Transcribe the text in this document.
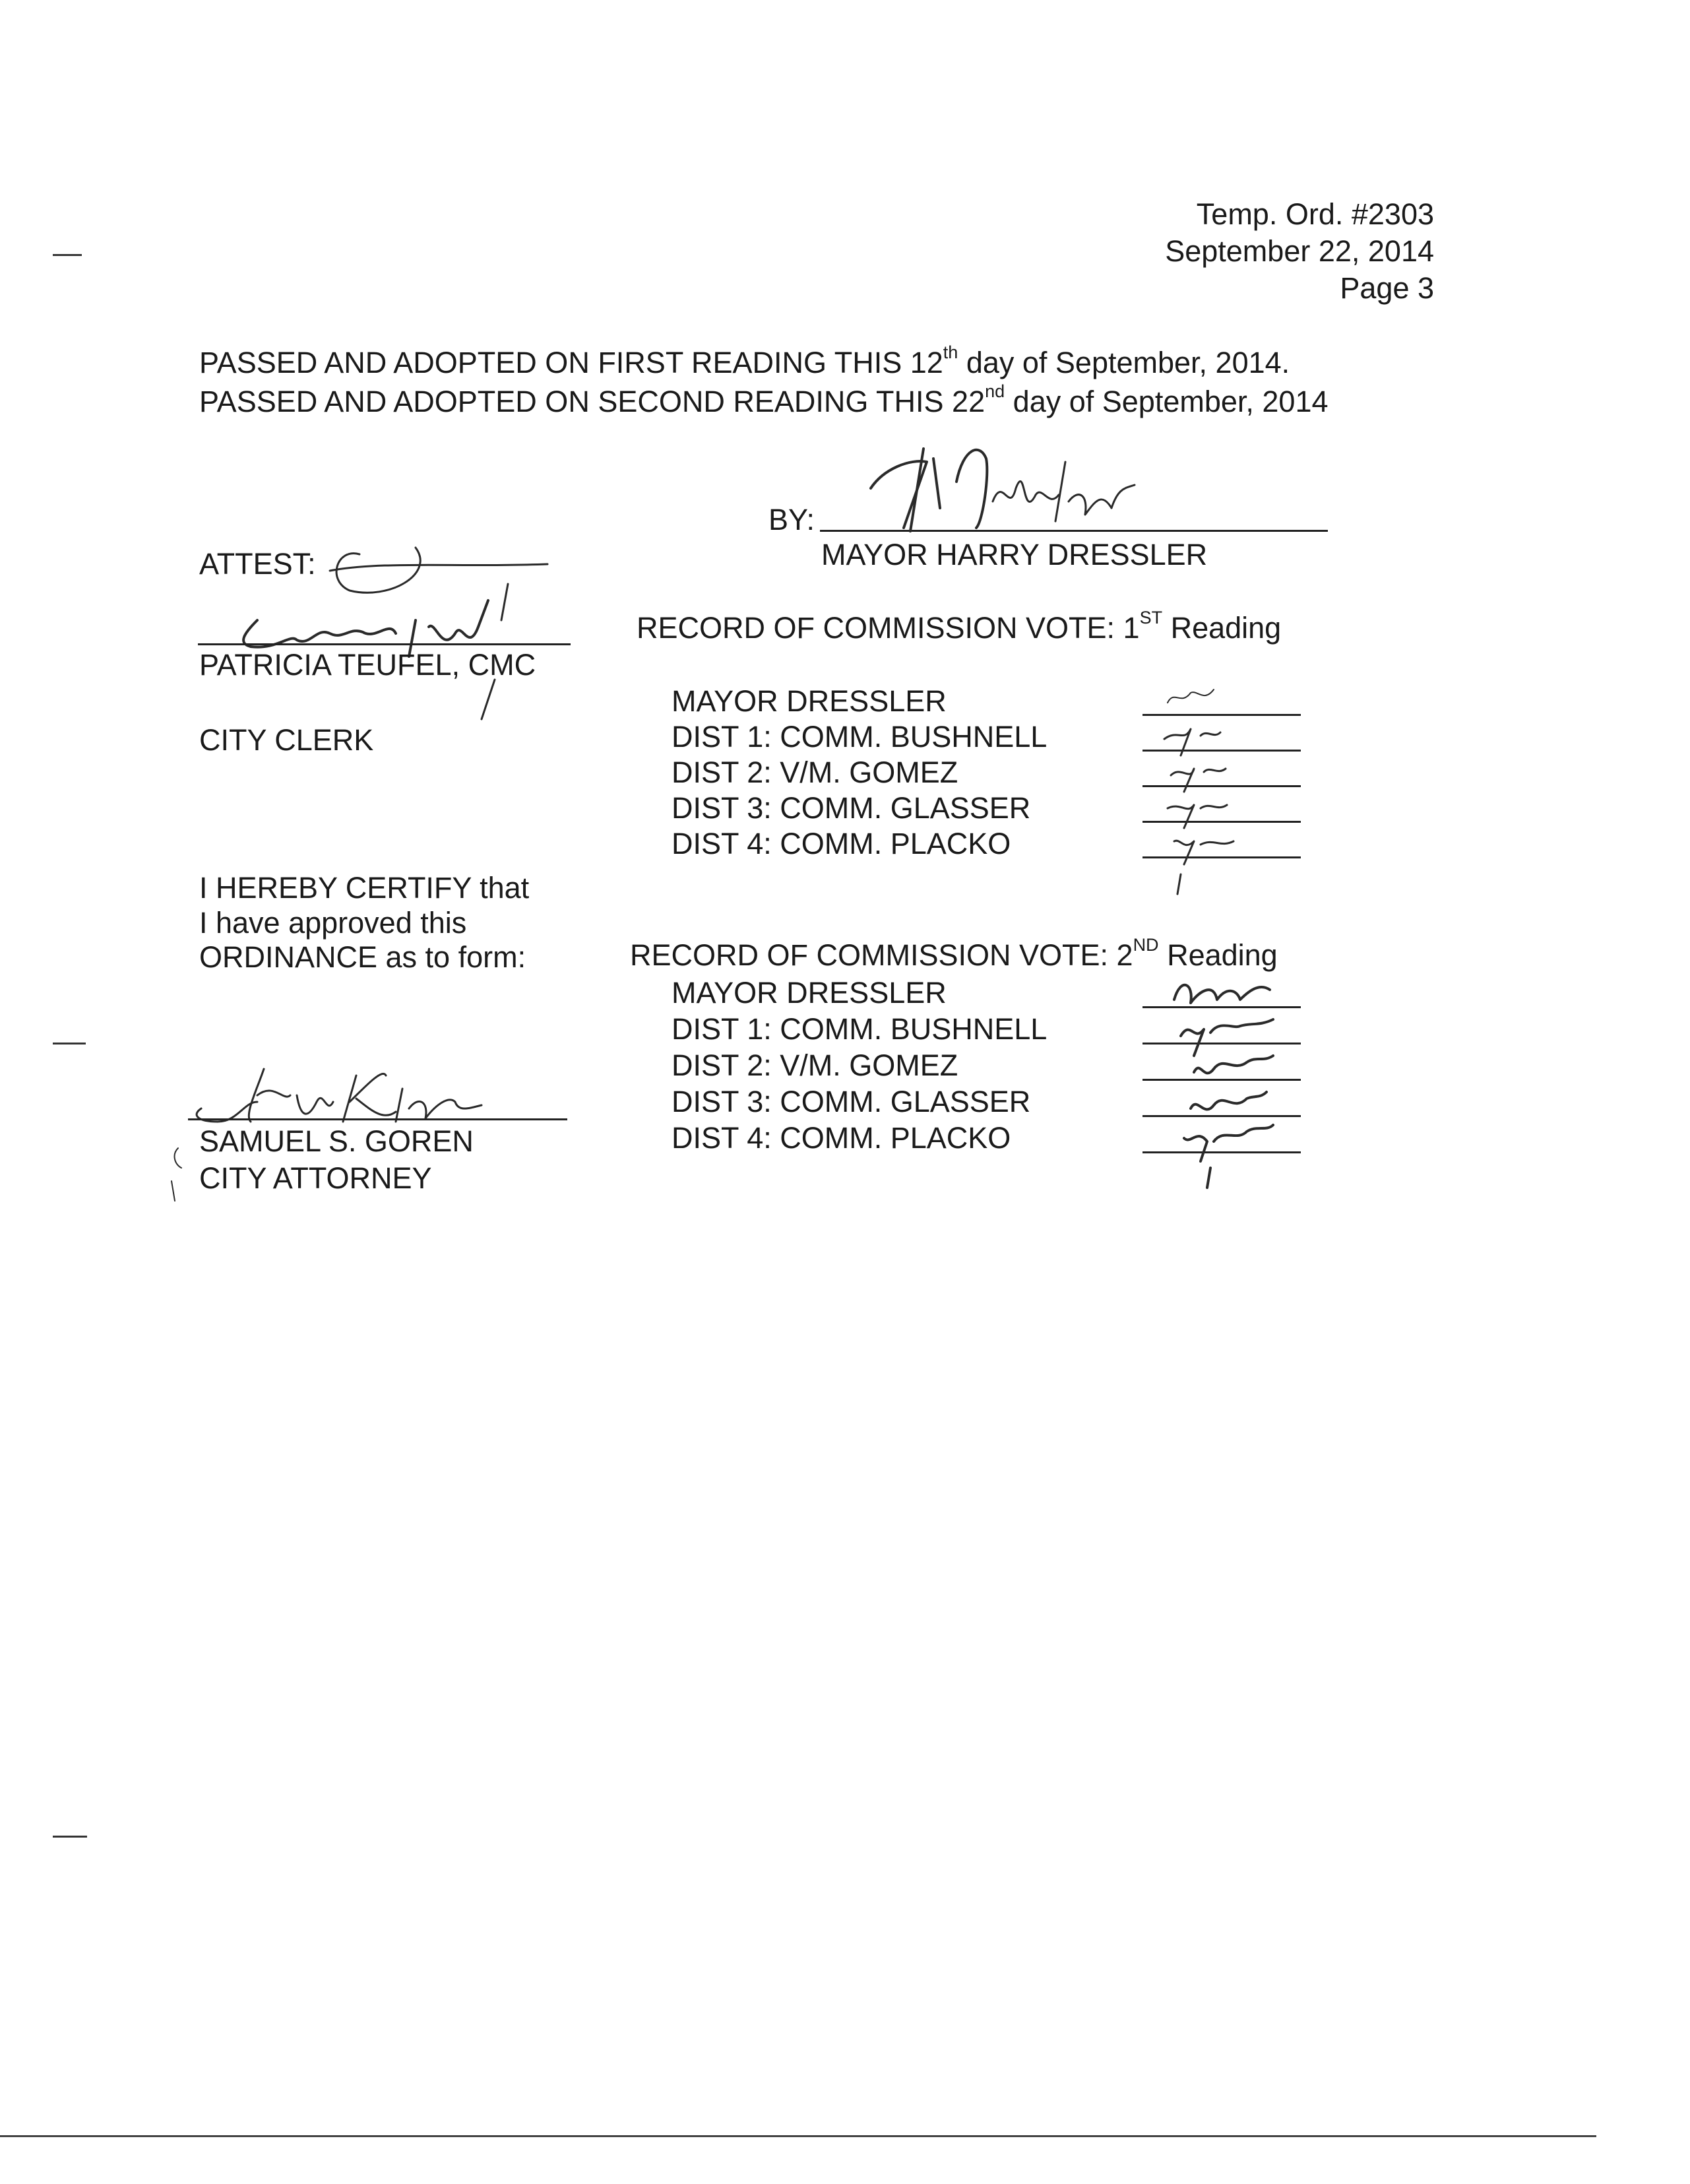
Temp. Ord. #2303
September 22, 2014
Page 3
PASSED AND ADOPTED ON FIRST READING THIS 12th day of September, 2014.
PASSED AND ADOPTED ON SECOND READING THIS 22nd day of September, 2014
BY:
MAYOR HARRY DRESSLER
ATTEST:
PATRICIA TEUFEL, CMC
CITY CLERK
RECORD OF COMMISSION VOTE: 1ST Reading
MAYOR DRESSLER
DIST 1: COMM. BUSHNELL
DIST 2: V/M. GOMEZ
DIST 3: COMM. GLASSER
DIST 4: COMM. PLACKO
I HEREBY CERTIFY that
I have approved this
ORDINANCE as to form:	RECORD OF COMMISSION VOTE: 2ND Reading
MAYOR DRESSLER
DIST 1: COMM. BUSHNELL
DIST 2: V/M. GOMEZ
DIST 3: COMM. GLASSER
DIST 4: COMM. PLACKO
SAMUEL S. GOREN
CITY ATTORNEY
